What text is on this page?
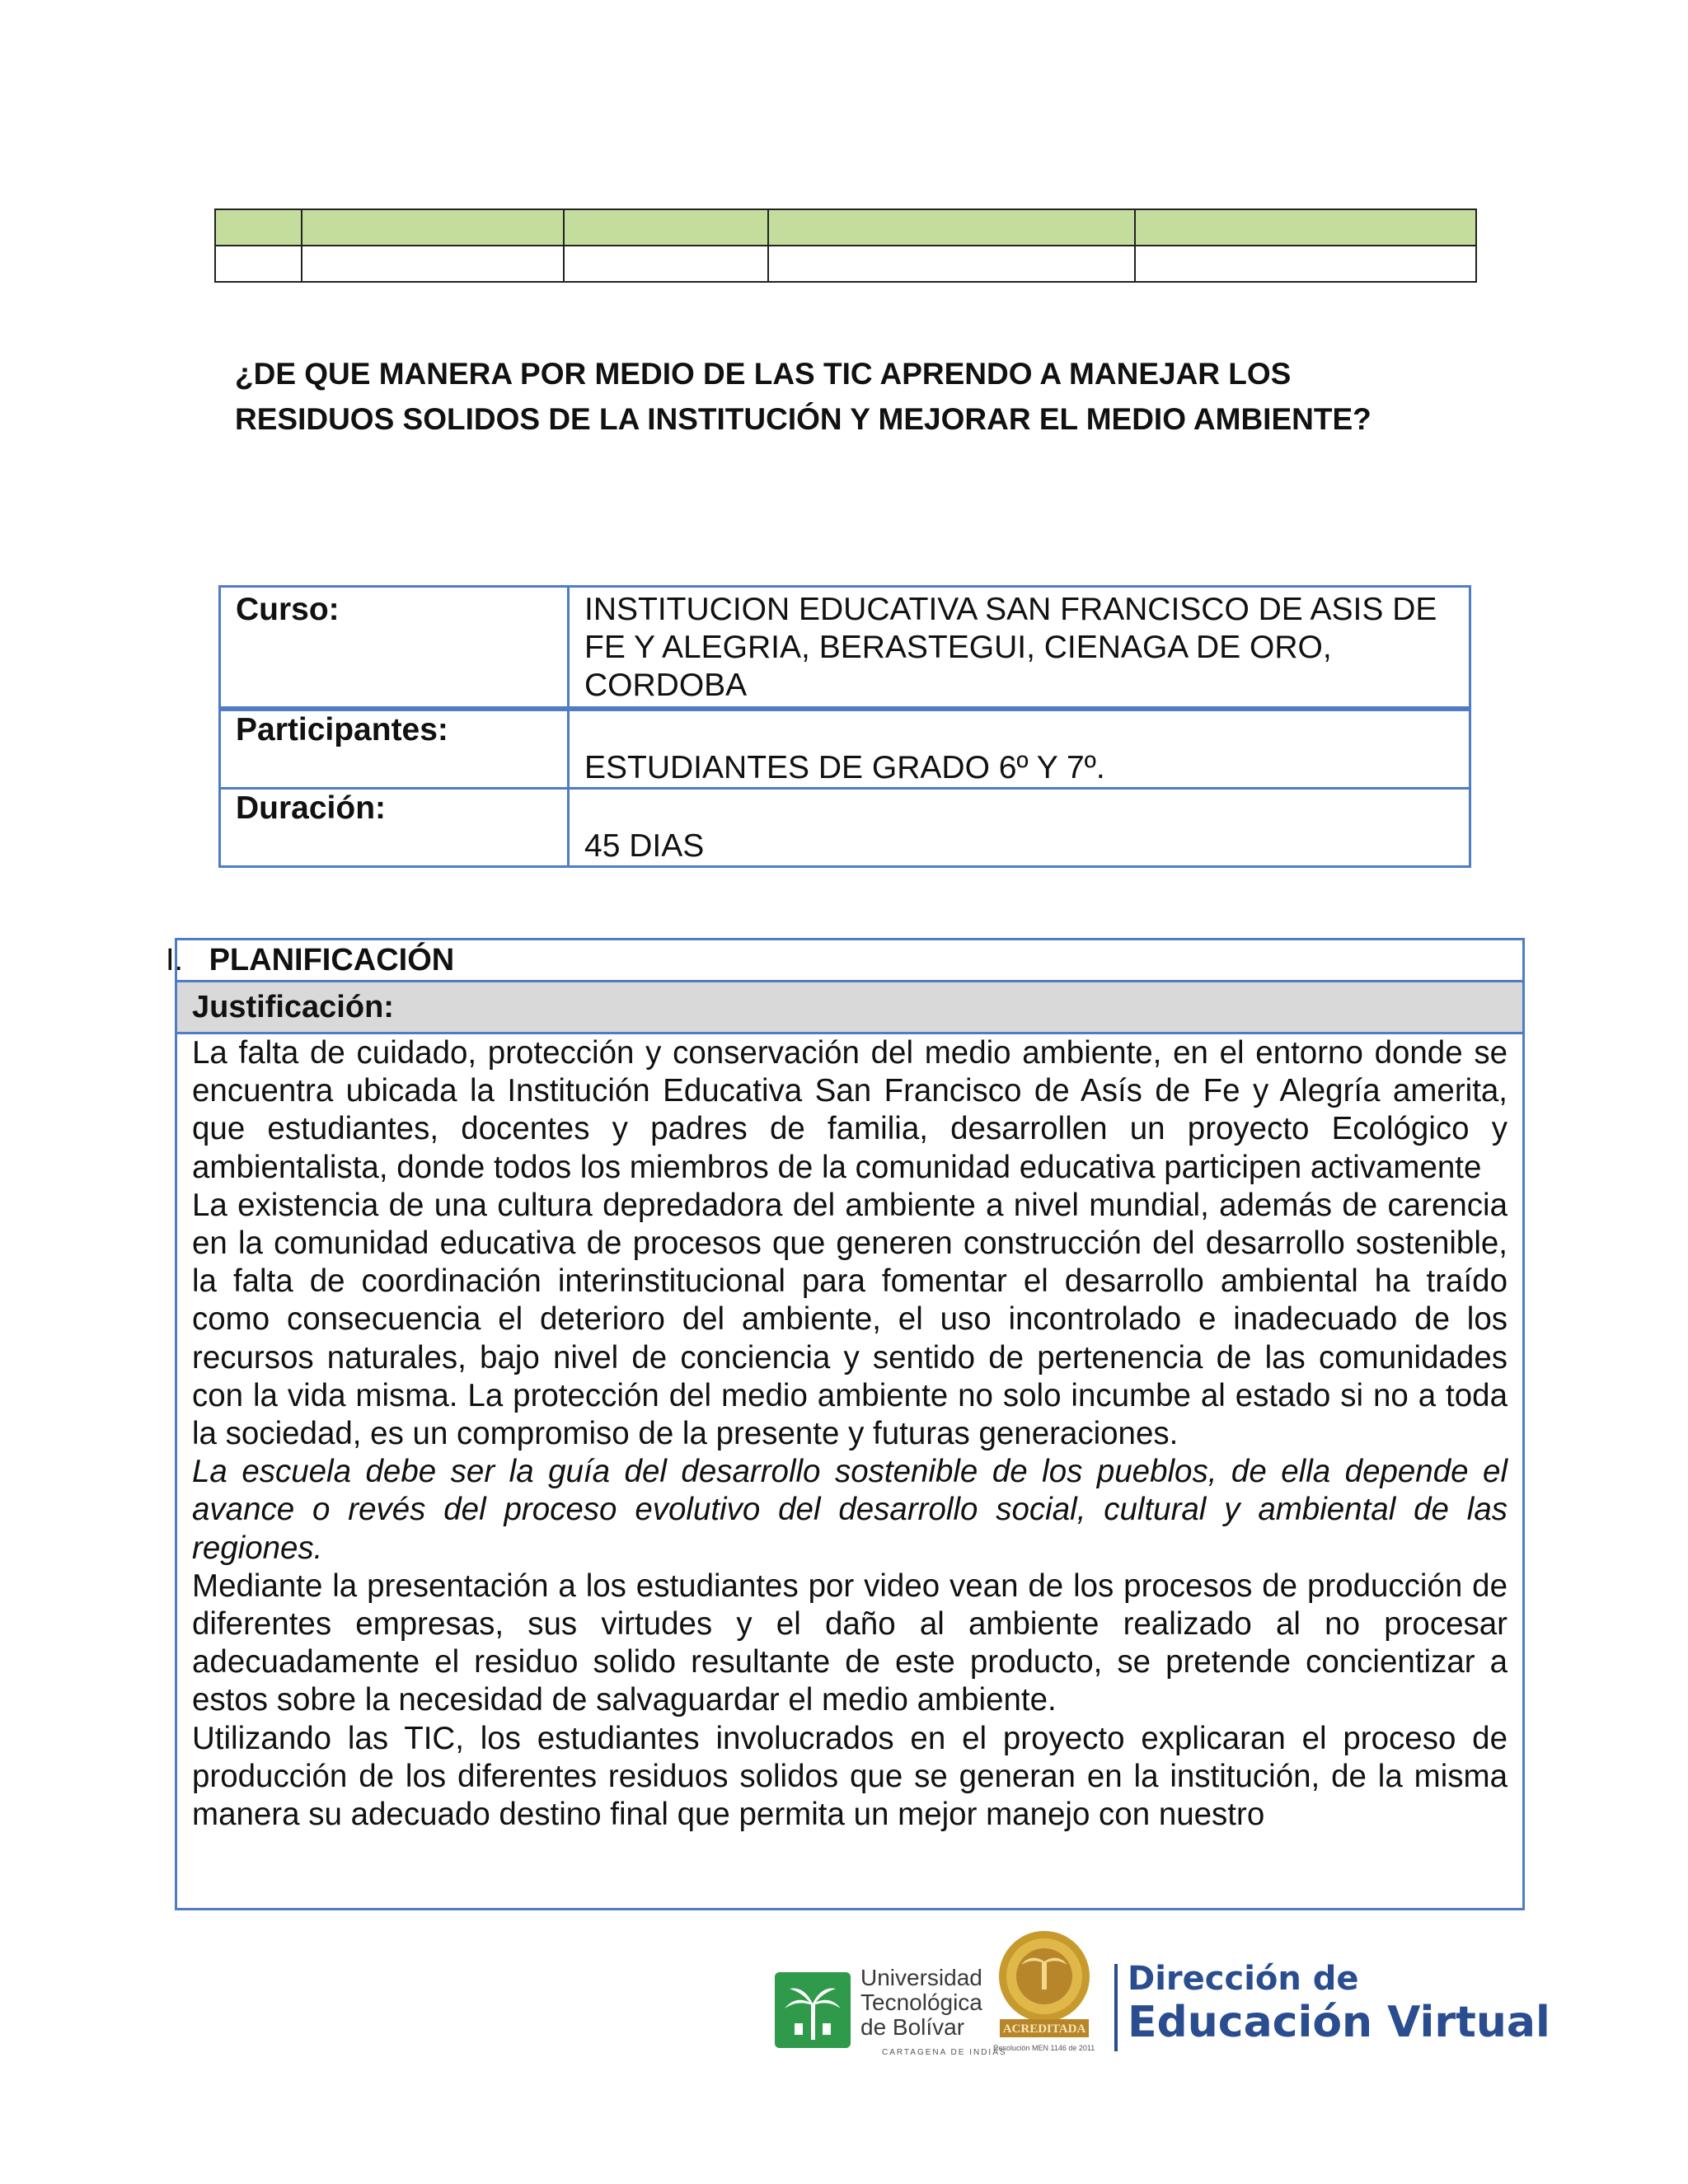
¿DE QUE MANERA POR MEDIO DE LAS TIC APRENDO A MANEJAR LOS RESIDUOS SOLIDOS DE LA INSTITUCIÓN Y MEJORAR EL MEDIO AMBIENTE?

Curso:	INSTITUCION EDUCATIVA SAN FRANCISCO DE ASIS DE FE Y ALEGRIA, BERASTEGUI, CIENAGA DE ORO, CORDOBA
Participantes:	ESTUDIANTES DE GRADO 6º Y 7º.
Duración:	45 DIAS
I. PLANIFICACIÓN
Justificación:

La falta de cuidado, protección y conservación del medio ambiente, en el entorno donde se encuentra ubicada la Institución Educativa San Francisco de Asís de Fe y Alegría amerita, que estudiantes, docentes y padres de familia, desarrollen un proyecto Ecológico y ambientalista, donde todos los miembros de la comunidad educativa participen activamente

La existencia de una cultura depredadora del ambiente a nivel mundial, además de carencia en la comunidad educativa de procesos que generen construcción del desarrollo sostenible, la falta de coordinación interinstitucional para fomentar el desarrollo ambiental ha traído como consecuencia el deterioro del ambiente, el uso incontrolado e inadecuado de los recursos naturales, bajo nivel de conciencia y sentido de pertenencia de las comunidades con la vida misma. La protección del medio ambiente no solo incumbe al estado si no a toda la sociedad, es un compromiso de la presente y futuras generaciones.

La escuela debe ser la guía del desarrollo sostenible de los pueblos, de ella depende el avance o revés del proceso evolutivo del desarrollo social, cultural y ambiental de las regiones.

Mediante la presentación a los estudiantes por video vean de los procesos de producción de diferentes empresas, sus virtudes y el daño al ambiente realizado al no procesar adecuadamente el residuo solido resultante de este producto, se pretende concientizar a estos sobre la necesidad de salvaguardar el medio ambiente.

Utilizando las TIC, los estudiantes involucrados en el proyecto explicaran el proceso de producción de los diferentes residuos solidos que se generan en la institución, de la misma manera su adecuado destino final que permita un mejor manejo con nuestro

Universidad
Tecnológica
de Bolívar
CARTAGENA DE INDIAS
ACREDITADA
Resolución MEN 1146 de 2011
Dirección de
Educación Virtual
